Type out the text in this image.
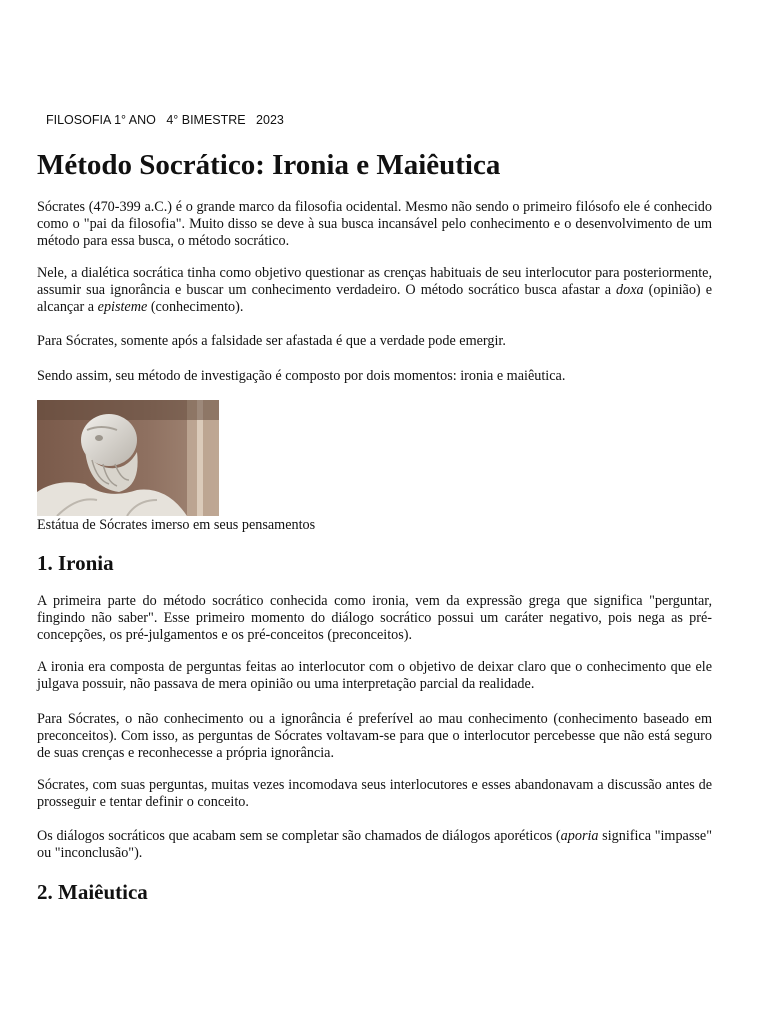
FILOSOFIA 1° ANO   4° BIMESTRE   2023
Método Socrático: Ironia e Maiêutica

Sócrates (470-399 a.C.) é o grande marco da filosofia ocidental. Mesmo não sendo o primeiro filósofo ele é conhecido como o "pai da filosofia". Muito disso se deve à sua busca incansável pelo conhecimento e o desenvolvimento de um método para essa busca, o método socrático.

Nele, a dialética socrática tinha como objetivo questionar as crenças habituais de seu interlocutor para posteriormente, assumir sua ignorância e buscar um conhecimento verdadeiro. O método socrático busca afastar a doxa (opinião) e alcançar a episteme (conhecimento).

Para Sócrates, somente após a falsidade ser afastada é que a verdade pode emergir.

Sendo assim, seu método de investigação é composto por dois momentos: ironia e maiêutica.

Estátua de Sócrates imerso em seus pensamentos
1. Ironia

A primeira parte do método socrático conhecida como ironia, vem da expressão grega que significa "perguntar, fingindo não saber". Esse primeiro momento do diálogo socrático possui um caráter negativo, pois nega as pré-concepções, os pré-julgamentos e os pré-conceitos (preconceitos).

A ironia era composta de perguntas feitas ao interlocutor com o objetivo de deixar claro que o conhecimento que ele julgava possuir, não passava de mera opinião ou uma interpretação parcial da realidade.

Para Sócrates, o não conhecimento ou a ignorância é preferível ao mau conhecimento (conhecimento baseado em preconceitos). Com isso, as perguntas de Sócrates voltavam-se para que o interlocutor percebesse que não está seguro de suas crenças e reconhecesse a própria ignorância.

Sócrates, com suas perguntas, muitas vezes incomodava seus interlocutores e esses abandonavam a discussão antes de prosseguir e tentar definir o conceito.

Os diálogos socráticos que acabam sem se completar são chamados de diálogos aporéticos (aporia significa "impasse" ou "inconclusão").

2. Maiêutica
